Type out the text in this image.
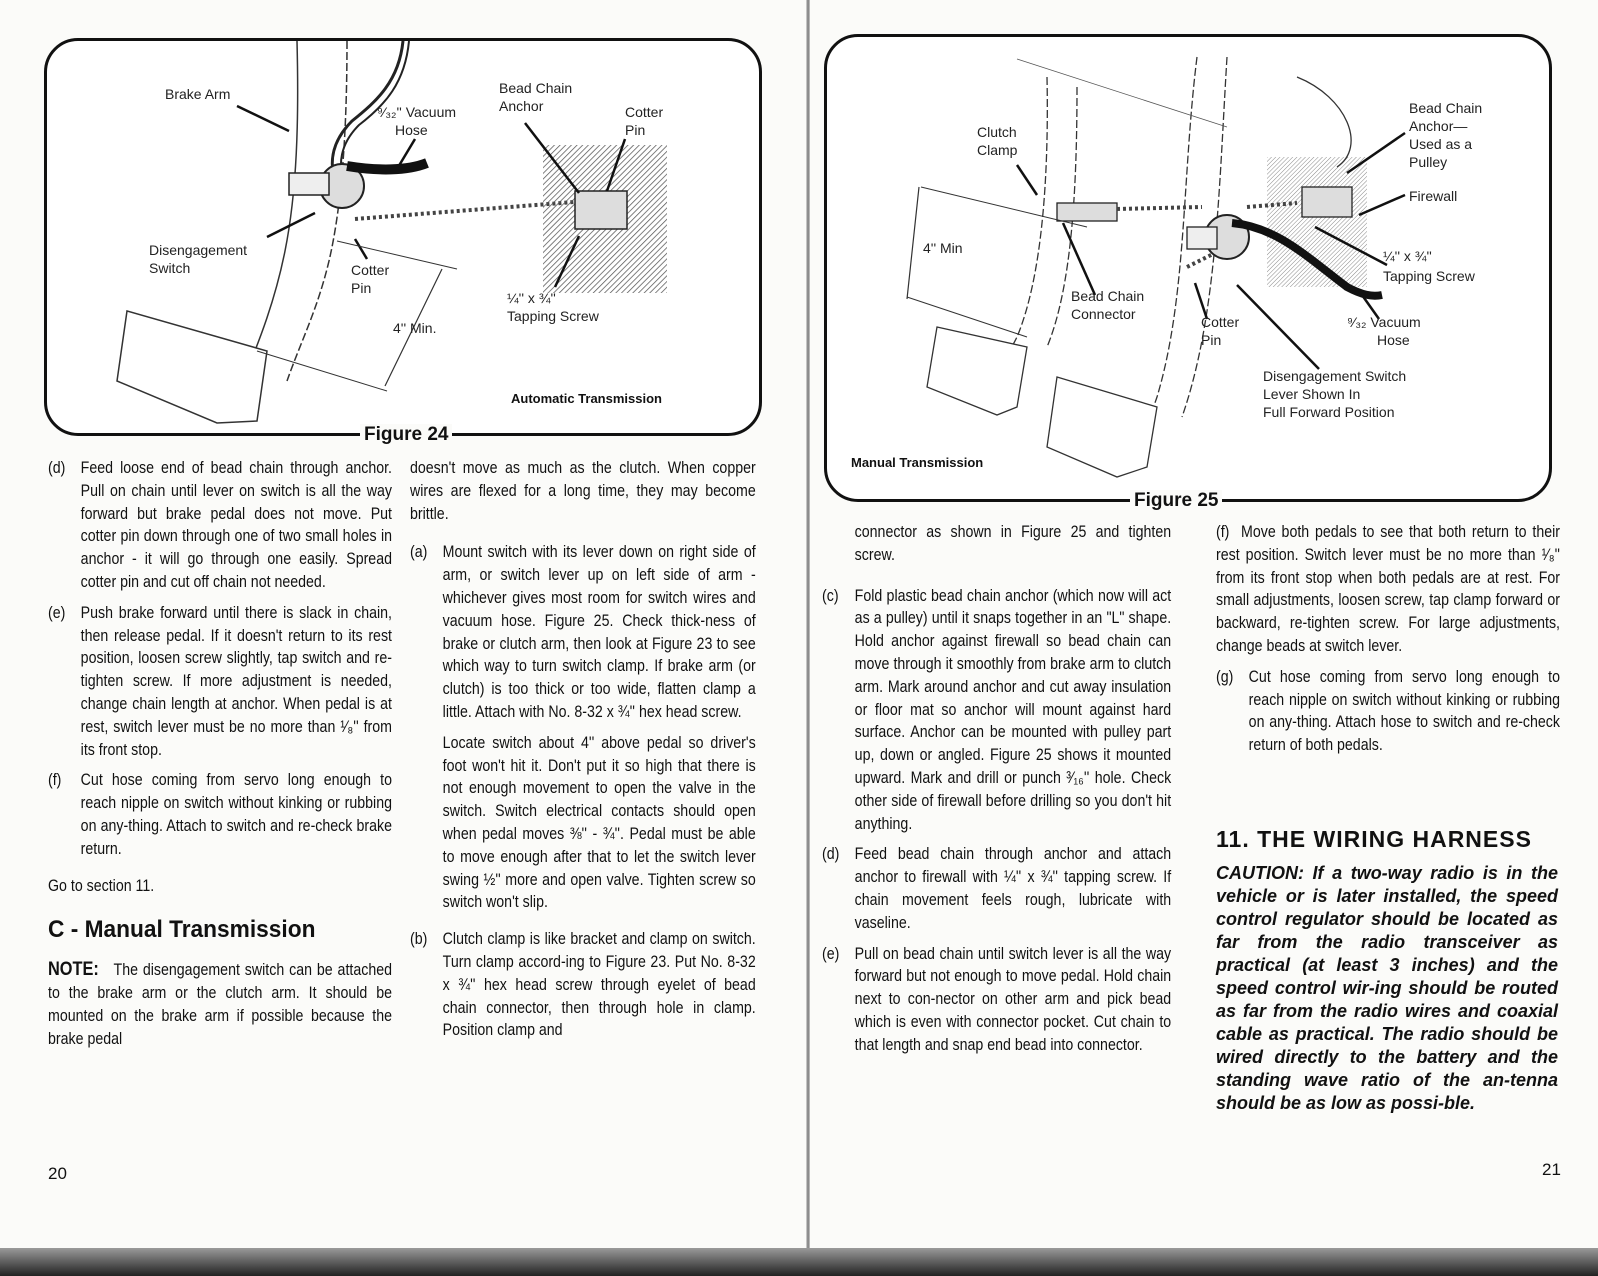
Brake Arm
⁹⁄₃₂'' Vacuum
Hose
Bead Chain
Anchor	Cotter
Pin
Disengagement
Switch	Cotter
Pin
4'' Min.
¼'' x ¾''
Tapping Screw
Automatic Transmission
Figure 24
(d) Feed loose end of bead chain through anchor. Pull on chain until lever on switch is all the way forward but brake pedal does not move. Put cotter pin down through one of two small holes in anchor - it will go through one easily. Spread cotter pin and cut off chain not needed.
(e) Push brake forward until there is slack in chain, then release pedal. If it doesn't return to its rest position, loosen screw slightly, tap switch and re-tighten screw. If more adjustment is needed, change chain length at anchor. When pedal is at rest, switch lever must be no more than ¹⁄₈'' from its front stop.
(f) Cut hose coming from servo long enough to reach nipple on switch without kinking or rubbing on any-thing. Attach to switch and re-check brake return.
Go to section 11.
C - Manual Transmission
NOTE: The disengagement switch can be attached to the brake arm or the clutch arm. It should be mounted on the brake arm if possible because the brake pedal
doesn't move as much as the clutch. When copper wires are flexed for a long time, they may become brittle.
(a) Mount switch with its lever down on right side of arm, or switch lever up on left side of arm - whichever gives most room for switch wires and vacuum hose. Figure 25. Check thick-ness of brake or clutch arm, then look at Figure 23 to see which way to turn switch clamp. If brake arm (or clutch) is too thick or too wide, flatten clamp a little. Attach with No. 8-32 x ¾'' hex head screw.
Locate switch about 4'' above pedal so driver's foot won't hit it. Don't put it so high that there is not enough movement to open the valve in the switch. Switch electrical contacts should open when pedal moves ⅜'' - ¾''. Pedal must be able to move enough after that to let the switch lever swing ½'' more and open valve. Tighten screw so switch won't slip.
(b) Clutch clamp is like bracket and clamp on switch. Turn clamp accord-ing to Figure 23. Put No. 8-32 x ¾'' hex head screw through eyelet of bead chain connector, then through hole in clamp. Position clamp and
20
Clutch
Clamp
4'' Min
Bead Chain
Connector	Cotter
Pin
Bead Chain
Anchor—
Used as a
Pulley
Firewall
¼'' x ¾''
Tapping Screw
⁹⁄₃₂ Vacuum
Hose
Disengagement Switch
Lever Shown In
Full Forward Position
Manual Transmission
Figure 25
connector as shown in Figure 25 and tighten screw.
(c) Fold plastic bead chain anchor (which now will act as a pulley) until it snaps together in an "L" shape. Hold anchor against firewall so bead chain can move through it smoothly from brake arm to clutch arm. Mark around anchor and cut away insulation or floor mat so anchor will mount against hard surface. Anchor can be mounted with pulley part up, down or angled. Figure 25 shows it mounted upward. Mark and drill or punch ³⁄₁₆'' hole. Check other side of firewall before drilling so you don't hit anything.
(d) Feed bead chain through anchor and attach anchor to firewall with ¼'' x ¾'' tapping screw. If chain movement feels rough, lubricate with vaseline.
(e) Pull on bead chain until switch lever is all the way forward but not enough to move pedal. Hold chain next to con-nector on other arm and pick bead which is even with connector pocket. Cut chain to that length and snap end bead into connector.
(f) Move both pedals to see that both return to their rest position. Switch lever must be no more than ¹⁄₈'' from its front stop when both pedals are at rest. For small adjustments, loosen screw, tap clamp forward or backward, re-tighten screw. For large adjustments, change beads at switch lever.
(g) Cut hose coming from servo long enough to reach nipple on switch without kinking or rubbing on any-thing. Attach hose to switch and re-check return of both pedals.
11. THE WIRING HARNESS
CAUTION: If a two-way radio is in the vehicle or is later installed, the speed control regulator should be located as far from the radio transceiver as practical (at least 3 inches) and the speed control wir-ing should be routed as far from the radio wires and coaxial cable as practical. The radio should be wired directly to the battery and the standing wave ratio of the an-tenna should be as low as possi-ble.
21
